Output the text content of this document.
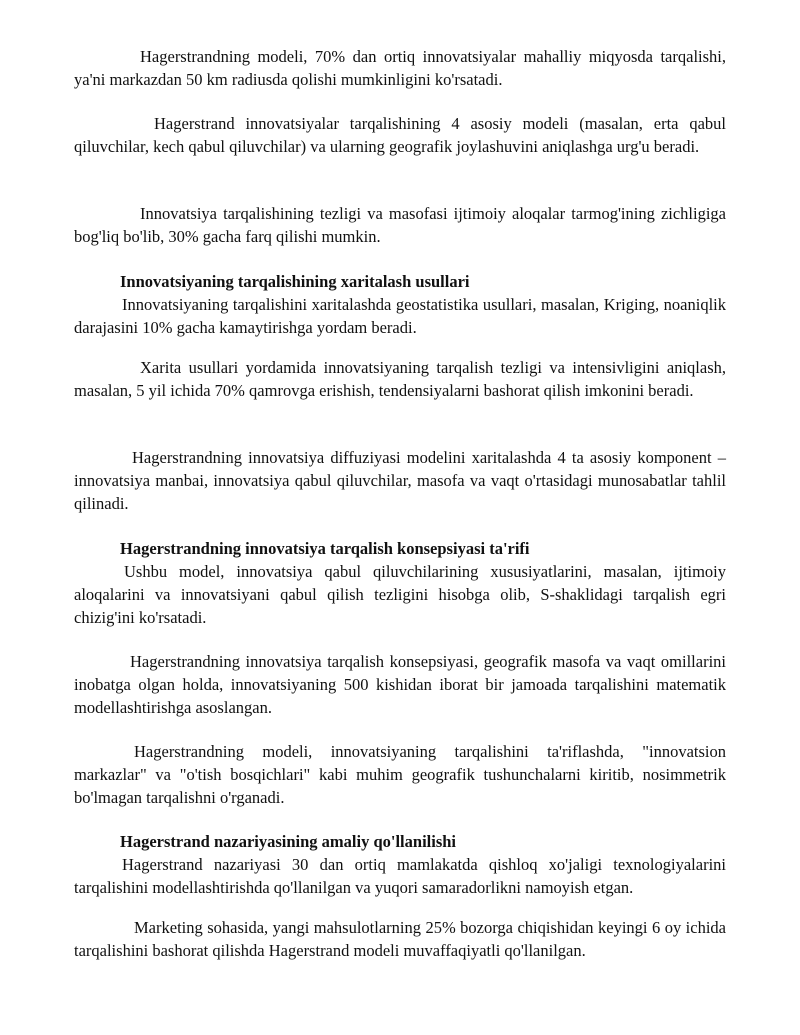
Hagerstrandning modeli, 70% dan ortiq innovatsiyalar mahalliy miqyosda tarqalishi, ya'ni markazdan 50 km radiusda qolishi mumkinligini ko'rsatadi.

Hagerstrand innovatsiyalar tarqalishining 4 asosiy modeli (masalan, erta qabul qiluvchilar, kech qabul qiluvchilar) va ularning geografik joylashuvini aniqlashga urg'u beradi.

Innovatsiya tarqalishining tezligi va masofasi ijtimoiy aloqalar tarmog'ining zichligiga bog'liq bo'lib, 30% gacha farq qilishi mumkin.

Innovatsiyaning tarqalishining xaritalash usullari

Innovatsiyaning tarqalishini xaritalashda geostatistika usullari, masalan, Kriging, noaniqlik darajasini 10% gacha kamaytirishga yordam beradi.

Xarita usullari yordamida innovatsiyaning tarqalish tezligi va intensivligini aniqlash, masalan, 5 yil ichida 70% qamrovga erishish, tendensiyalarni bashorat qilish imkonini beradi.

Hagerstrandning innovatsiya diffuziyasi modelini xaritalashda 4 ta asosiy komponent – innovatsiya manbai, innovatsiya qabul qiluvchilar, masofa va vaqt o'rtasidagi munosabatlar tahlil qilinadi.

Hagerstrandning innovatsiya tarqalish konsepsiyasi ta'rifi

Ushbu model, innovatsiya qabul qiluvchilarining xususiyatlarini, masalan, ijtimoiy aloqalarini va innovatsiyani qabul qilish tezligini hisobga olib, S-shaklidagi tarqalish egri chizig'ini ko'rsatadi.

Hagerstrandning innovatsiya tarqalish konsepsiyasi, geografik masofa va vaqt omillarini inobatga olgan holda, innovatsiyaning 500 kishidan iborat bir jamoada tarqalishini matematik modellashtirishga asoslangan.

Hagerstrandning modeli, innovatsiyaning tarqalishini ta'riflashda, "innovatsion markazlar" va "o'tish bosqichlari" kabi muhim geografik tushunchalarni kiritib, nosimmetrik bo'lmagan tarqalishni o'rganadi.

Hagerstrand nazariyasining amaliy qo'llanilishi

Hagerstrand nazariyasi 30 dan ortiq mamlakatda qishloq xo'jaligi texnologiyalarini tarqalishini modellashtirishda qo'llanilgan va yuqori samaradorlikni namoyish etgan.

Marketing sohasida, yangi mahsulotlarning 25% bozorga chiqishidan keyingi 6 oy ichida tarqalishini bashorat qilishda Hagerstrand modeli muvaffaqiyatli qo'llanilgan.
